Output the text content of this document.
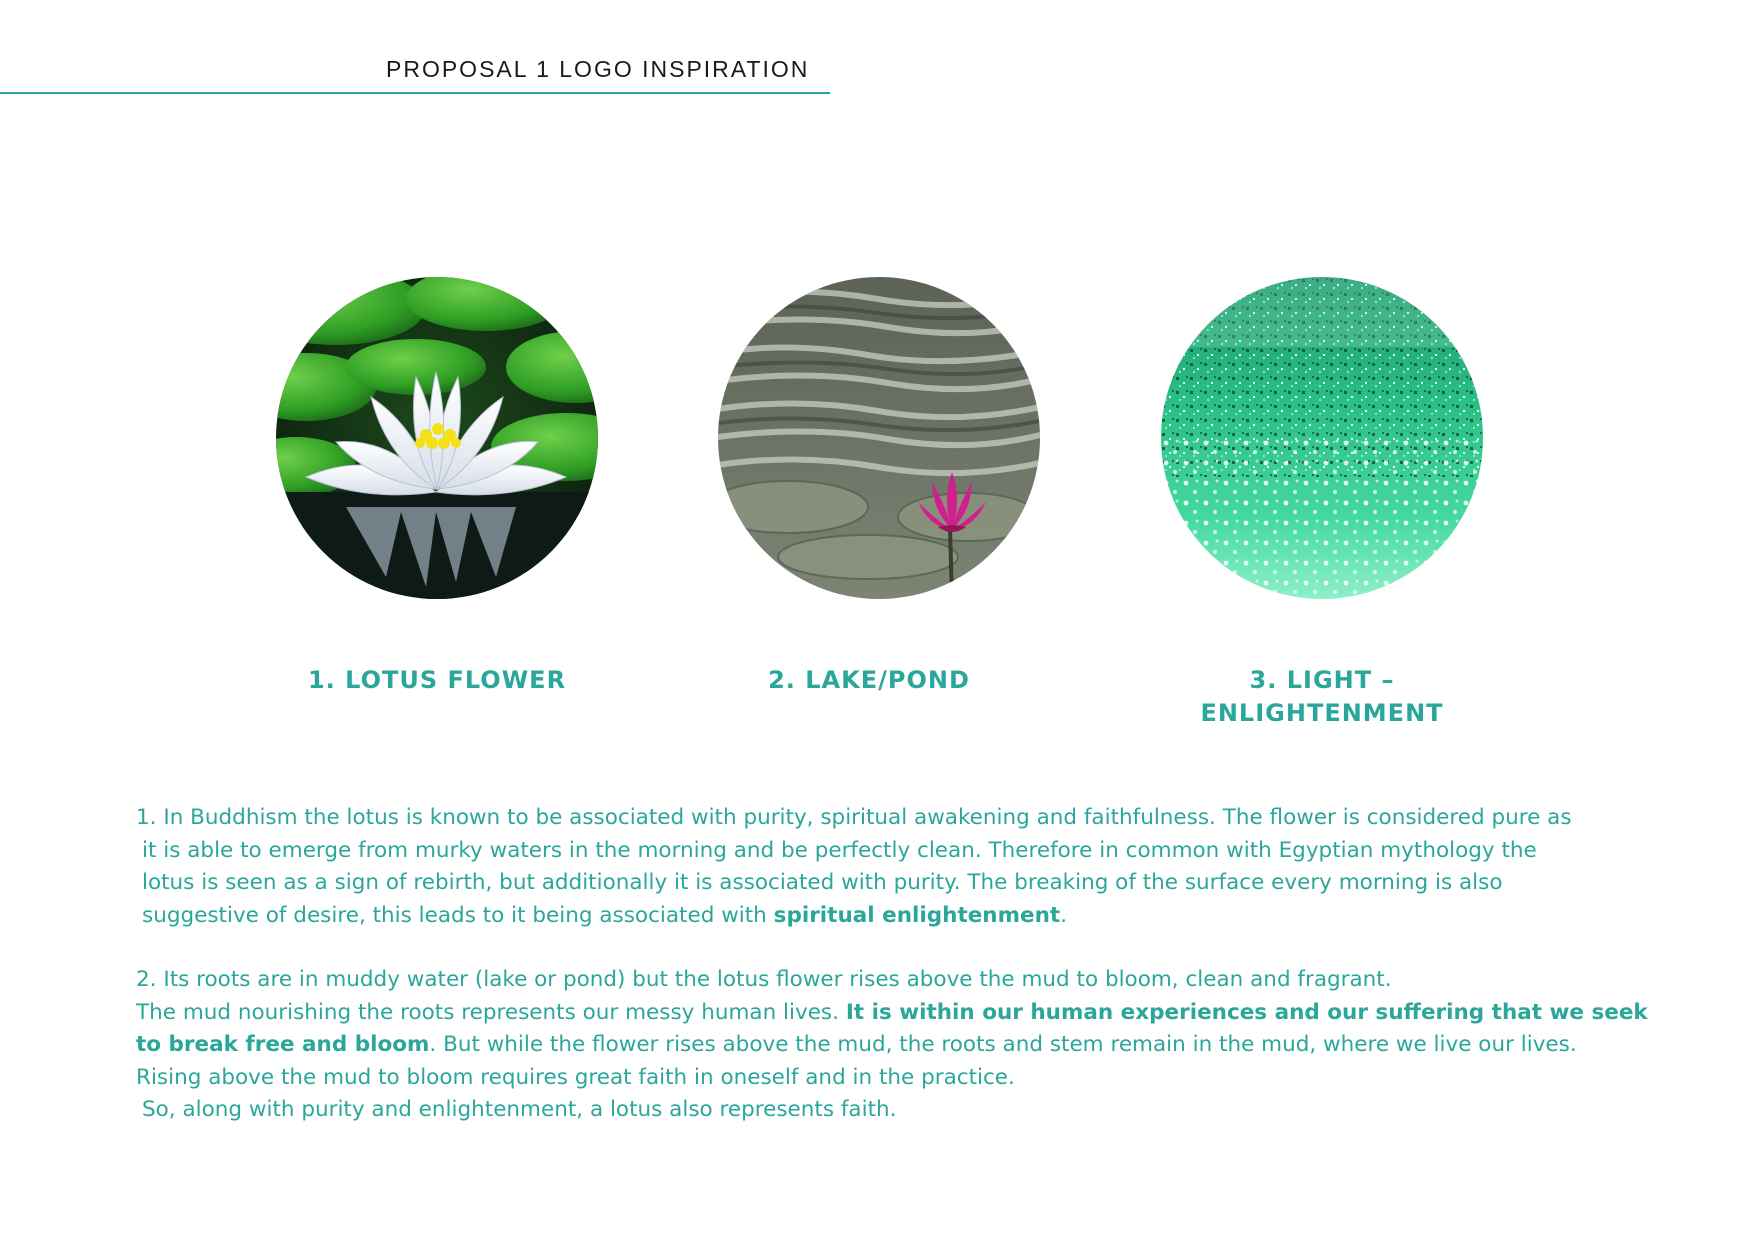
PROPOSAL 1 LOGO INSPIRATION
1. LOTUS FLOWER	2. LAKE/POND	3. LIGHT –
ENLIGHTENMENT
1. In Buddhism the lotus is known to be associated with purity, spiritual awakening and faithfulness. The flower is considered pure as
it is able to emerge from murky waters in the morning and be perfectly clean. Therefore in common with Egyptian mythology the
lotus is seen as a sign of rebirth, but additionally it is associated with purity. The breaking of the surface every morning is also
suggestive of desire, this leads to it being associated with spiritual enlightenment.
2. Its roots are in muddy water (lake or pond) but the lotus flower rises above the mud to bloom, clean and fragrant.
The mud nourishing the roots represents our messy human lives. It is within our human experiences and our suffering that we seek
to break free and bloom. But while the flower rises above the mud, the roots and stem remain in the mud, where we live our lives.
Rising above the mud to bloom requires great faith in oneself and in the practice.
So, along with purity and enlightenment, a lotus also represents faith.
